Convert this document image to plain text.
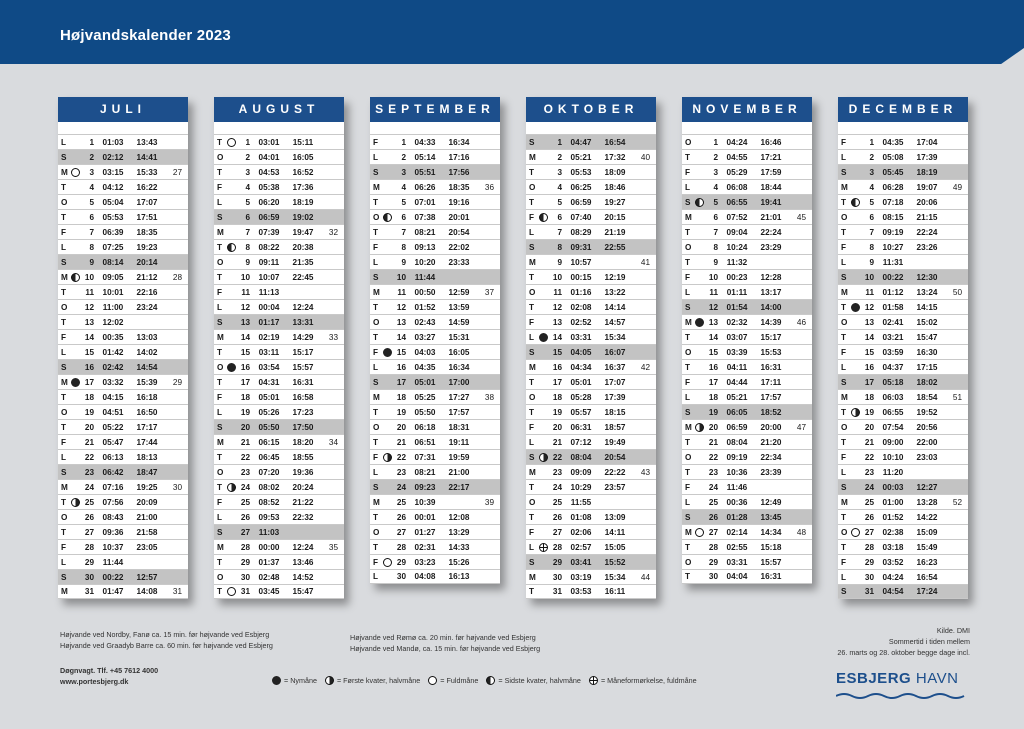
Højvandskalender 2023
JULI
L	1	01:03	13:43
S	2	02:12	14:41
M	3	03:15	15:33	27
T	4	04:12	16:22
O	5	05:04	17:07
T	6	05:53	17:51
F	7	06:39	18:35
L	8	07:25	19:23
S	9	08:14	20:14
M	10	09:05	21:12	28
T	11	10:01	22:16
O	12	11:00	23:24
T	13	12:02
F	14	00:35	13:03
L	15	01:42	14:02
S	16	02:42	14:54
M	17	03:32	15:39	29
T	18	04:15	16:18
O	19	04:51	16:50
T	20	05:22	17:17
F	21	05:47	17:44
L	22	06:13	18:13
S	23	06:42	18:47
M	24	07:16	19:25	30
T	25	07:56	20:09
O	26	08:43	21:00
T	27	09:36	21:58
F	28	10:37	23:05
L	29	11:44
S	30	00:22	12:57
M	31	01:47	14:08	31
AUGUST
T	1	03:01	15:11
O	2	04:01	16:05
T	3	04:53	16:52
F	4	05:38	17:36
L	5	06:20	18:19
S	6	06:59	19:02
M	7	07:39	19:47	32
T	8	08:22	20:38
O	9	09:11	21:35
T	10	10:07	22:45
F	11	11:13
L	12	00:04	12:24
S	13	01:17	13:31
M	14	02:19	14:29	33
T	15	03:11	15:17
O	16	03:54	15:57
T	17	04:31	16:31
F	18	05:01	16:58
L	19	05:26	17:23
S	20	05:50	17:50
M	21	06:15	18:20	34
T	22	06:45	18:55
O	23	07:20	19:36
T	24	08:02	20:24
F	25	08:52	21:22
L	26	09:53	22:32
S	27	11:03
M	28	00:00	12:24	35
T	29	01:37	13:46
O	30	02:48	14:52
T	31	03:45	15:47
SEPTEMBER
F	1	04:33	16:34
L	2	05:14	17:16
S	3	05:51	17:56
M	4	06:26	18:35	36
T	5	07:01	19:16
O	6	07:38	20:01
T	7	08:21	20:54
F	8	09:13	22:02
L	9	10:20	23:33
S	10	11:44
M	11	00:50	12:59	37
T	12	01:52	13:59
O	13	02:43	14:59
T	14	03:27	15:31
F	15	04:03	16:05
L	16	04:35	16:34
S	17	05:01	17:00
M	18	05:25	17:27	38
T	19	05:50	17:57
O	20	06:18	18:31
T	21	06:51	19:11
F	22	07:31	19:59
L	23	08:21	21:00
S	24	09:23	22:17
M	25	10:39	39
T	26	00:01	12:08
O	27	01:27	13:29
T	28	02:31	14:33
F	29	03:23	15:26
L	30	04:08	16:13
OKTOBER
S	1	04:47	16:54
M	2	05:21	17:32	40
T	3	05:53	18:09
O	4	06:25	18:46
T	5	06:59	19:27
F	6	07:40	20:15
L	7	08:29	21:19
S	8	09:31	22:55
M	9	10:57	41
T	10	00:15	12:19
O	11	01:16	13:22
T	12	02:08	14:14
F	13	02:52	14:57
L	14	03:31	15:34
S	15	04:05	16:07
M	16	04:34	16:37	42
T	17	05:01	17:07
O	18	05:28	17:39
T	19	05:57	18:15
F	20	06:31	18:57
L	21	07:12	19:49
S	22	08:04	20:54
M	23	09:09	22:22	43
T	24	10:29	23:57
O	25	11:55
T	26	01:08	13:09
F	27	02:06	14:11
L	28	02:57	15:05
S	29	03:41	15:52
M	30	03:19	15:34	44
T	31	03:53	16:11
NOVEMBER
O	1	04:24	16:46
T	2	04:55	17:21
F	3	05:29	17:59
L	4	06:08	18:44
S	5	06:55	19:41
M	6	07:52	21:01	45
T	7	09:04	22:24
O	8	10:24	23:29
T	9	11:32
F	10	00:23	12:28
L	11	01:11	13:17
S	12	01:54	14:00
M	13	02:32	14:39	46
T	14	03:07	15:17
O	15	03:39	15:53
T	16	04:11	16:31
F	17	04:44	17:11
L	18	05:21	17:57
S	19	06:05	18:52
M	20	06:59	20:00	47
T	21	08:04	21:20
O	22	09:19	22:34
T	23	10:36	23:39
F	24	11:46
L	25	00:36	12:49
S	26	01:28	13:45
M	27	02:14	14:34	48
T	28	02:55	15:18
O	29	03:31	15:57
T	30	04:04	16:31
DECEMBER
F	1	04:35	17:04
L	2	05:08	17:39
S	3	05:45	18:19
M	4	06:28	19:07	49
T	5	07:18	20:06
O	6	08:15	21:15
T	7	09:19	22:24
F	8	10:27	23:26
L	9	11:31
S	10	00:22	12:30
M	11	01:12	13:24	50
T	12	01:58	14:15
O	13	02:41	15:02
T	14	03:21	15:47
F	15	03:59	16:30
L	16	04:37	17:15
S	17	05:18	18:02
M	18	06:03	18:54	51
T	19	06:55	19:52
O	20	07:54	20:56
T	21	09:00	22:00
F	22	10:10	23:03
L	23	11:20
S	24	00:03	12:27
M	25	01:00	13:28	52
T	26	01:52	14:22
O	27	02:38	15:09
T	28	03:18	15:49
F	29	03:52	16:23
L	30	04:24	16:54
S	31	04:54	17:24
Højvande ved Nordby, Fanø ca. 15 min. før højvande ved Esbjerg
Højvande ved Graadyb Barre ca. 60 min. før højvande ved Esbjerg
Højvande ved Rømø ca. 20 min. før højvande ved Esbjerg
Højvande ved Mandø, ca. 15 min. før højvande ved Esbjerg
Døgnvagt. Tlf. +45 7612 4000
www.portesbjerg.dk
Kilde. DMI
Sommertid i tiden mellem
26. marts og 28. oktober begge dage incl.
= Nymåne
	= Første kvater, halvmåne
	= Fuldmåne
	= Sidste kvater, halvmåne
	= Måneformørkelse, fuldmåne	ESBJERG HAVN
